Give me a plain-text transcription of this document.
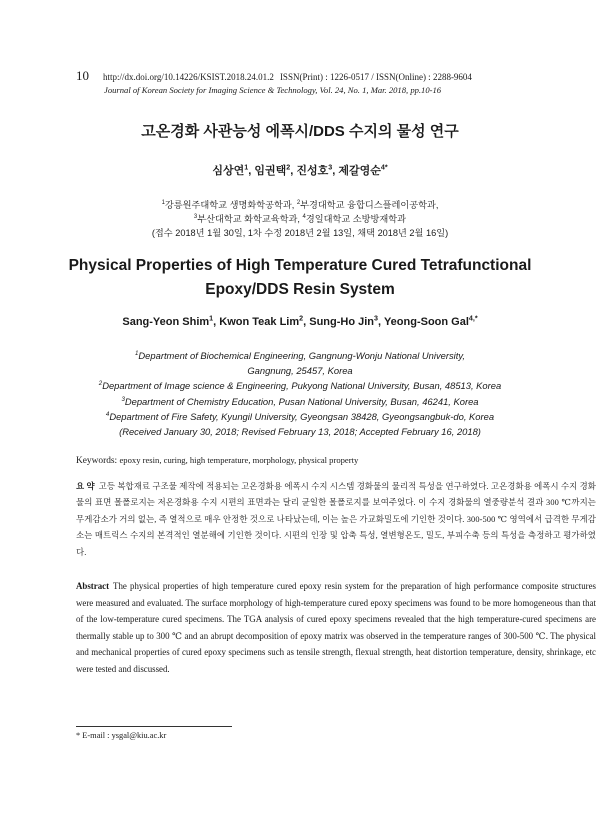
10 http://dx.doi.org/10.14226/KSIST.2018.24.01.2 ISSN(Print) : 1226-0517 / ISSN(Online) : 2288-9604
Journal of Korean Society for Imaging Science & Technology, Vol. 24, No. 1, Mar. 2018, pp.10-16
고온경화 사관능성 에폭시/DDS 수지의 물성 연구
심상연$^1$, 임권택$^2$, 진성호$^3$, 제갈영순$^{4*}$
$^1$강릉원주대학교 생명화학공학과, $^2$부경대학교 융합디스플레이공학과,
$^3$부산대학교 화학교육학과, $^4$경일대학교 소방방재학과
(접수 2018년 1월 30일, 1차 수정 2018년 2월 13일, 채택 2018년 2월 16일)
Physical Properties of High Temperature Cured Tetrafunctional
Epoxy/DDS Resin System
Sang-Yeon Shim$^1$, Kwon Teak Lim$^2$, Sung-Ho Jin$^3$, Yeong-Soon Gal$^{4,*}$
$^1$Department of Biochemical Engineering, Gangnung-Wonju National University,
Gangnung, 25457, Korea
$^2$Department of Image science & Engineering, Pukyong National University, Busan, 48513, Korea
$^3$Department of Chemistry Education, Pusan National University, Busan, 46241, Korea
$^4$Department of Fire Safety, Kyungil University, Gyeongsan 38428, Gyeongsangbuk-do, Korea
(Received January 30, 2018; Revised February 13, 2018; Accepted February 16, 2018)
Keywords: epoxy resin, curing, high temperature, morphology, physical property
요 약 고등 복합재료 구조물 제작에 적용되는 고온경화용 에폭시 수지 시스템 경화물의 물리적 특성을 연구하였다. 고온경화용 에폭시 수지 경화물의 표면 몰폴로지는 저온경화용 수지 시편의 표면과는 달리 균일한 몰폴로지를 보여주었다. 이 수지 경화물의 열중량분석 결과 300 ℃까지는 무게감소가 거의 없는, 즉 열적으로 매우 안정한 것으로 나타났는데, 이는 높은 가교화밀도에 기인한 것이다. 300-500 ℃ 영역에서 급격한 무게감소는 매트릭스 수지의 본격적인 열분해에 기인한 것이다. 시편의 인장 및 압축 특성, 열변형온도, 밀도, 부피수축 등의 특성을 측정하고 평가하였다.
Abstract The physical properties of high temperature cured epoxy resin system for the preparation of high performance composite structures were measured and evaluated. The surface morphology of high-temperature cured epoxy specimens was found to be more homogeneous than that of the low-temperature cured specimens. The TGA analysis of cured epoxy specimens revealed that the high temperature-cured specimens are thermally stable up to 300 ℃ and an abrupt decomposition of epoxy matrix was observed in the temperature ranges of 300-500 ℃. The physical and mechanical properties of cured epoxy specimens such as tensile strength, flexual strength, heat distortion temperature, density, shrinkage, etc were tested and discussed.
* E-mail : ysgal@kiu.ac.kr
